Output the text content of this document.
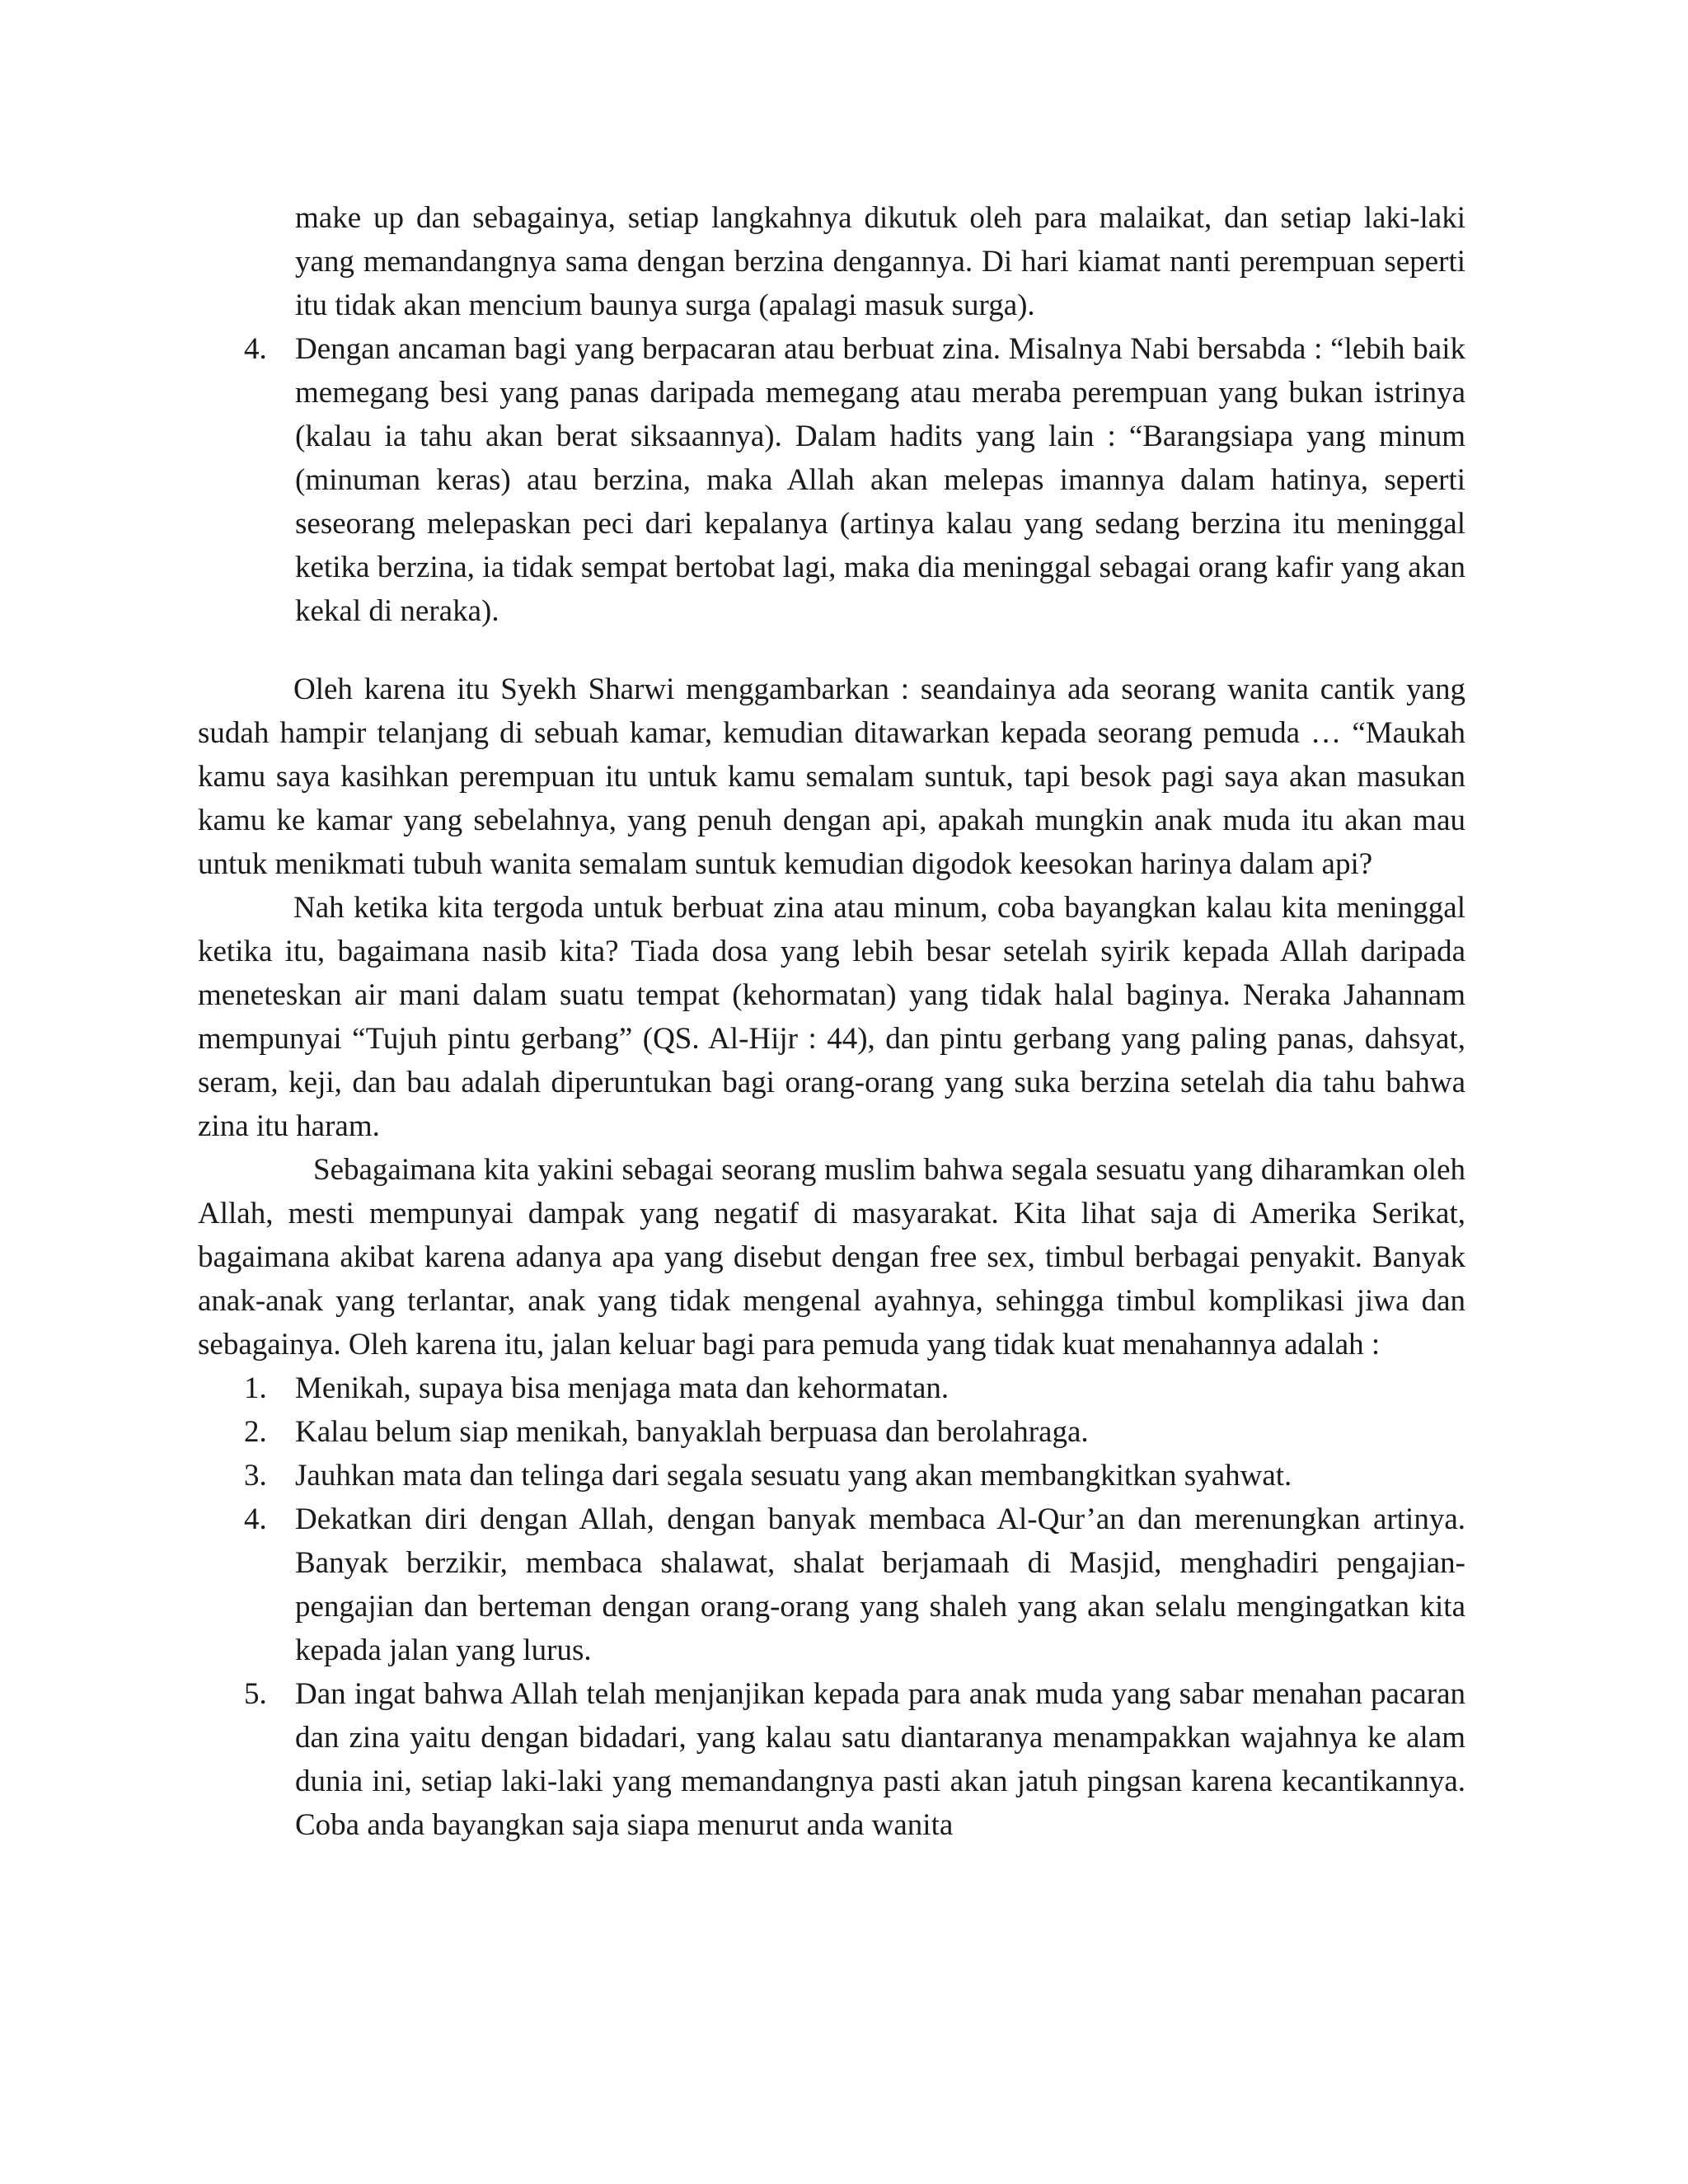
make up dan sebagainya, setiap langkahnya dikutuk oleh para malaikat, dan setiap laki-laki yang memandangnya sama dengan berzina dengannya. Di hari kiamat nanti perempuan seperti itu tidak akan mencium baunya surga (apalagi masuk surga).

4. Dengan ancaman bagi yang berpacaran atau berbuat zina. Misalnya Nabi bersabda : “lebih baik memegang besi yang panas daripada memegang atau meraba perempuan yang bukan istrinya (kalau ia tahu akan berat siksaannya). Dalam hadits yang lain : “Barangsiapa yang minum (minuman keras) atau berzina, maka Allah akan melepas imannya dalam hatinya, seperti seseorang melepaskan peci dari kepalanya (artinya kalau yang sedang berzina itu meninggal ketika berzina, ia tidak sempat bertobat lagi, maka dia meninggal sebagai orang kafir yang akan kekal di neraka).

Oleh karena itu Syekh Sharwi menggambarkan : seandainya ada seorang wanita cantik yang sudah hampir telanjang di sebuah kamar, kemudian ditawarkan kepada seorang pemuda … “Maukah kamu saya kasihkan perempuan itu untuk kamu semalam suntuk, tapi besok pagi saya akan masukan kamu ke kamar yang sebelahnya, yang penuh dengan api, apakah mungkin anak muda itu akan mau untuk menikmati tubuh wanita semalam suntuk kemudian digodok keesokan harinya dalam api?

Nah ketika kita tergoda untuk berbuat zina atau minum, coba bayangkan kalau kita meninggal ketika itu, bagaimana nasib kita? Tiada dosa yang lebih besar setelah syirik kepada Allah daripada meneteskan air mani dalam suatu tempat (kehormatan) yang tidak halal baginya. Neraka Jahannam mempunyai “Tujuh pintu gerbang” (QS. Al-Hijr : 44), dan pintu gerbang yang paling panas, dahsyat, seram, keji, dan bau adalah diperuntukan bagi orang-orang yang suka berzina setelah dia tahu bahwa zina itu haram.

Sebagaimana kita yakini sebagai seorang muslim bahwa segala sesuatu yang diharamkan oleh Allah, mesti mempunyai dampak yang negatif di masyarakat. Kita lihat saja di Amerika Serikat, bagaimana akibat karena adanya apa yang disebut dengan free sex, timbul berbagai penyakit. Banyak anak-anak yang terlantar, anak yang tidak mengenal ayahnya, sehingga timbul komplikasi jiwa dan sebagainya. Oleh karena itu, jalan keluar bagi para pemuda yang tidak kuat menahannya adalah :

1. Menikah, supaya bisa menjaga mata dan kehormatan.
2. Kalau belum siap menikah, banyaklah berpuasa dan berolahraga.
3. Jauhkan mata dan telinga dari segala sesuatu yang akan membangkitkan syahwat.
4. Dekatkan diri dengan Allah, dengan banyak membaca Al-Qur’an dan merenungkan artinya. Banyak berzikir, membaca shalawat, shalat berjamaah di Masjid, menghadiri pengajian-pengajian dan berteman dengan orang-orang yang shaleh yang akan selalu mengingatkan kita kepada jalan yang lurus.
5. Dan ingat bahwa Allah telah menjanjikan kepada para anak muda yang sabar menahan pacaran dan zina yaitu dengan bidadari, yang kalau satu diantaranya menampakkan wajahnya ke alam dunia ini, setiap laki-laki yang memandangnya pasti akan jatuh pingsan karena kecantikannya. Coba anda bayangkan saja siapa menurut anda wanita
